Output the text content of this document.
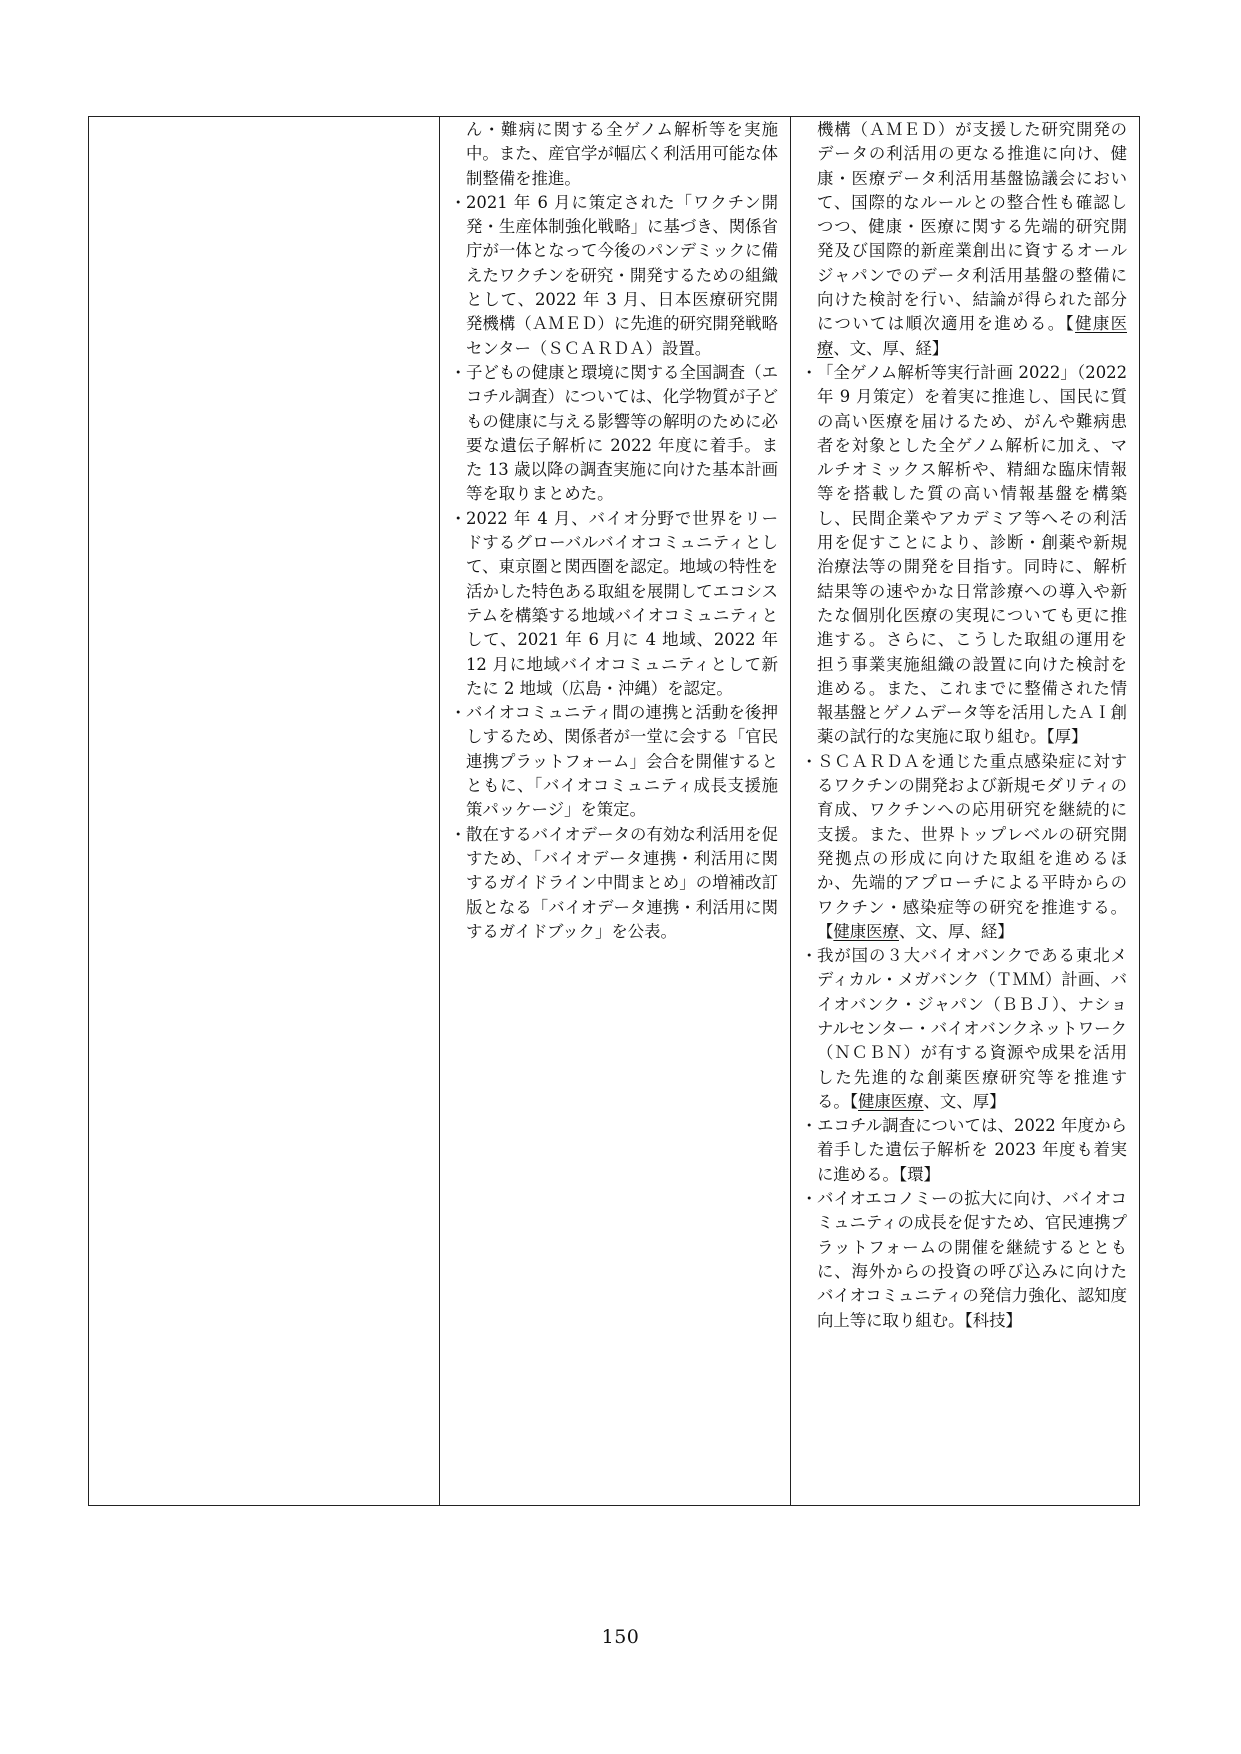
ん・難病に関する全ゲノム解析等を実施中。また、産官学が幅広く利活用可能な体制整備を推進。
・ 2021 年 6 月に策定された「ワクチン開発・生産体制強化戦略」に基づき、関係省庁が一体となって今後のパンデミックに備えたワクチンを研究・開発するための組織として、2022 年 3 月、日本医療研究開発機構（ＡＭＥＤ）に先進的研究開発戦略センター（ＳＣＡＲＤＡ）設置。
・ 子どもの健康と環境に関する全国調査（エコチル調査）については、化学物質が子どもの健康に与える影響等の解明のために必要な遺伝子解析に 2022 年度に着手。また 13 歳以降の調査実施に向けた基本計画等を取りまとめた。
・ 2022 年 4 月、バイオ分野で世界をリードするグローバルバイオコミュニティとして、東京圏と関西圏を認定。地域の特性を活かした特色ある取組を展開してエコシステムを構築する地域バイオコミュニティとして、2021 年 6 月に 4 地域、2022 年 12 月に地域バイオコミュニティとして新たに 2 地域（広島・沖縄）を認定。
・ バイオコミュニティ間の連携と活動を後押しするため、関係者が一堂に会する「官民連携プラットフォーム」会合を開催するとともに、「バイオコミュニティ成長支援施策パッケージ」を策定。
・ 散在するバイオデータの有効な利活用を促すため、「バイオデータ連携・利活用に関するガイドライン中間まとめ」の増補改訂版となる「バイオデータ連携・利活用に関するガイドブック」を公表。
機構（ＡＭＥＤ）が支援した研究開発のデータの利活用の更なる推進に向け、健康・医療データ利活用基盤協議会において、国際的なルールとの整合性も確認しつつ、健康・医療に関する先端的研究開発及び国際的新産業創出に資するオールジャパンでのデータ利活用基盤の整備に向けた検討を行い、結論が得られた部分については順次適用を進める。【健康医療、文、厚、経】
・ 「全ゲノム解析等実行計画 2022」（2022 年 9 月策定）を着実に推進し、国民に質の高い医療を届けるため、がんや難病患者を対象とした全ゲノム解析に加え、マルチオミックス解析や、精細な臨床情報等を搭載した質の高い情報基盤を構築し、民間企業やアカデミア等へその利活用を促すことにより、診断・創薬や新規治療法等の開発を目指す。同時に、解析結果等の速やかな日常診療への導入や新たな個別化医療の実現についても更に推進する。さらに、こうした取組の運用を担う事業実施組織の設置に向けた検討を進める。また、これまでに整備された情報基盤とゲノムデータ等を活用したＡＩ創薬の試行的な実施に取り組む。【厚】
・ ＳＣＡＲＤＡを通じた重点感染症に対するワクチンの開発および新規モダリティの育成、ワクチンへの応用研究を継続的に支援。また、世界トップレベルの研究開発拠点の形成に向けた取組を進めるほか、先端的アプローチによる平時からのワクチン・感染症等の研究を推進する。【健康医療、文、厚、経】
・ 我が国の３大バイオバンクである東北メディカル・メガバンク（ＴＭＭ）計画、バイオバンク・ジャパン（ＢＢＪ）、ナショナルセンター・バイオバンクネットワーク（ＮＣＢＮ）が有する資源や成果を活用した先進的な創薬医療研究等を推進する。【健康医療、文、厚】
・ エコチル調査については、2022 年度から着手した遺伝子解析を 2023 年度も着実に進める。【環】
・ バイオエコノミーの拡大に向け、バイオコミュニティの成長を促すため、官民連携プラットフォームの開催を継続するとともに、海外からの投資の呼び込みに向けたバイオコミュニティの発信力強化、認知度向上等に取り組む。【科技】
150
